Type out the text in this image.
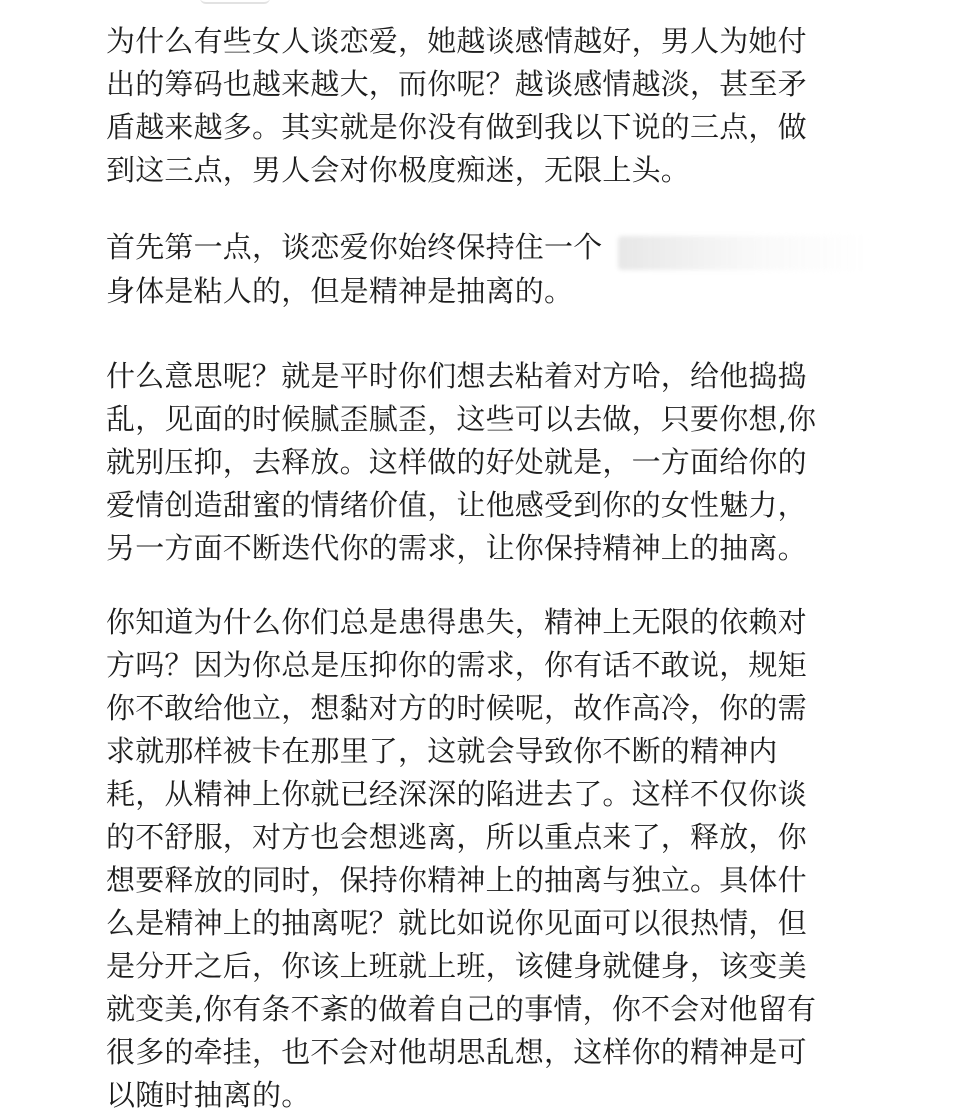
为什么有些女人谈恋爱，她越谈感情越好，男人为她付
出的筹码也越来越大，而你呢？越谈感情越淡，甚至矛
盾越来越多。其实就是你没有做到我以下说的三点，做
到这三点，男人会对你极度痴迷，无限上头。
首先第一点，谈恋爱你始终保持住一个
身体是粘人的，但是精神是抽离的。
什么意思呢？就是平时你们想去粘着对方哈，给他捣捣
乱，见面的时候腻歪腻歪，这些可以去做，只要你想,你
就别压抑，去释放。这样做的好处就是，一方面给你的
爱情创造甜蜜的情绪价值，让他感受到你的女性魅力，
另一方面不断迭代你的需求，让你保持精神上的抽离。
你知道为什么你们总是患得患失，精神上无限的依赖对
方吗？因为你总是压抑你的需求，你有话不敢说，规矩
你不敢给他立，想黏对方的时候呢，故作高冷，你的需
求就那样被卡在那里了，这就会导致你不断的精神内
耗，从精神上你就已经深深的陷进去了。这样不仅你谈
的不舒服，对方也会想逃离，所以重点来了，释放，你
想要释放的同时，保持你精神上的抽离与独立。具体什
么是精神上的抽离呢？就比如说你见面可以很热情，但
是分开之后，你该上班就上班，该健身就健身，该变美
就变美,你有条不紊的做着自己的事情，你不会对他留有
很多的牵挂，也不会对他胡思乱想，这样你的精神是可
以随时抽离的。
